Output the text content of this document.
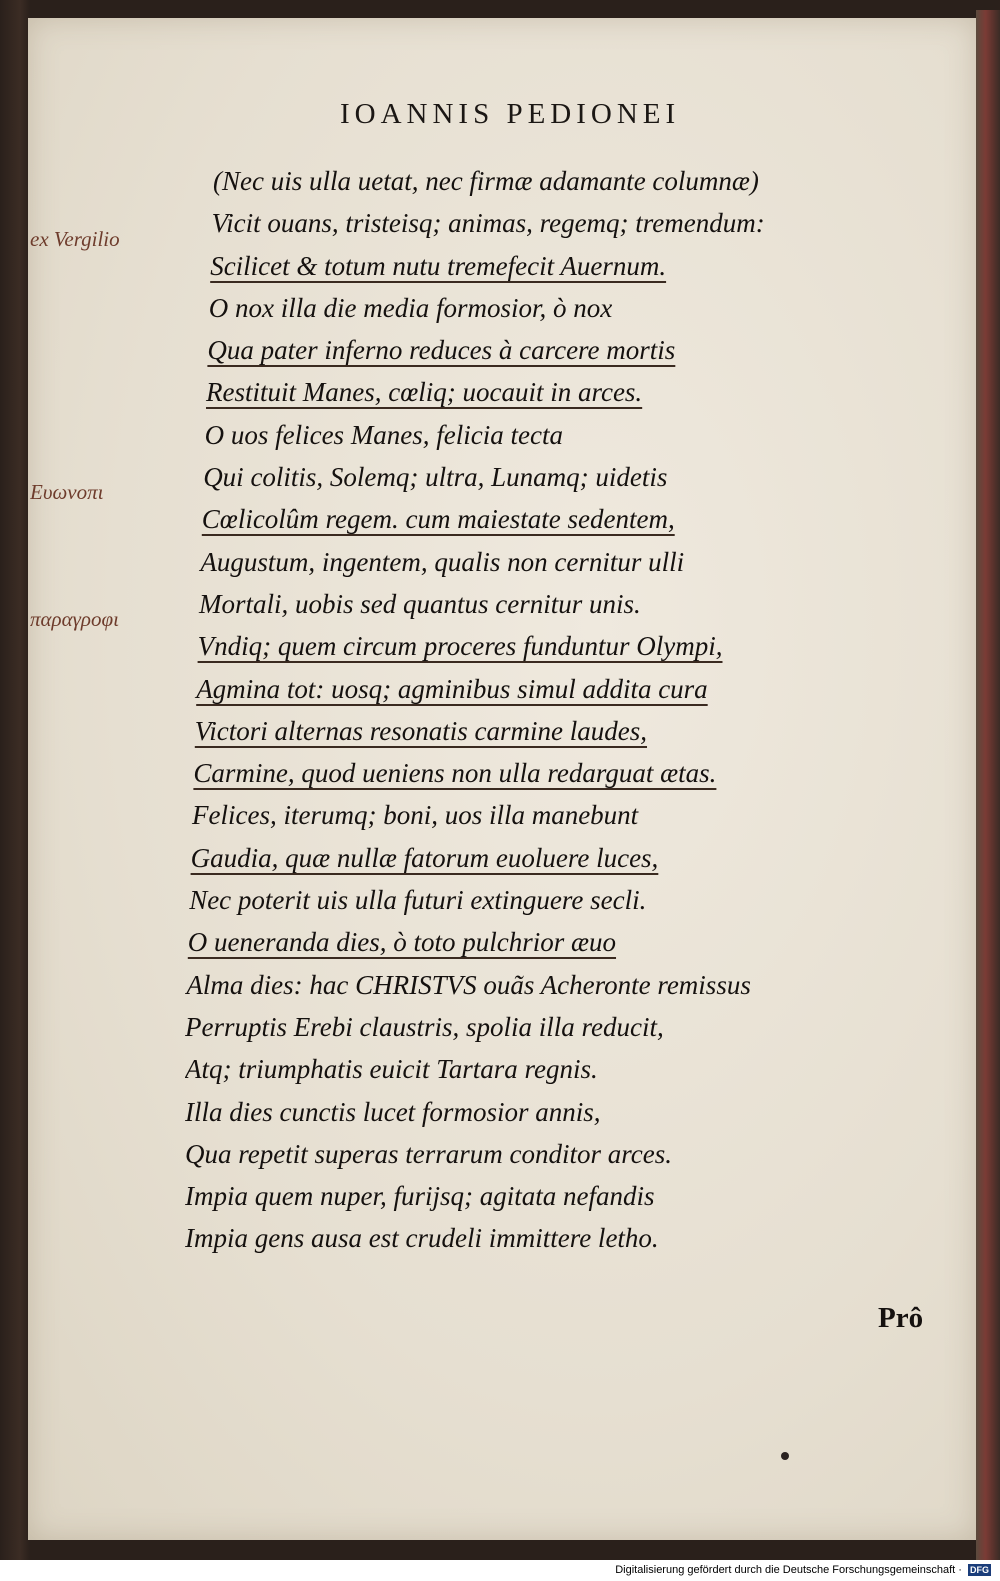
IOANNIS PEDIONEI
(Nec uis ulla uetat, nec firmæ adamante columnæ)
Vicit ouans, tristeisq; animas, regemq; tremendum:
Scilicet & totum nutu tremefecit Auernum.
O nox illa die media formosior, ò nox
Qua pater inferno reduces à carcere mortis
Restituit Manes, cœliq; uocauit in arces.
O uos felices Manes, felicia tecta
Qui colitis, Solemq; ultra, Lunamq; uidetis
Cœlicolûm regem. cum maiestate sedentem,
Augustum, ingentem, qualis non cernitur ulli
Mortali, uobis sed quantus cernitur unis.
Vndiq; quem circum proceres funduntur Olympi,
Agmina tot: uosq; agminibus simul addita cura
Victori alternas resonatis carmine laudes,
Carmine, quod ueniens non ulla redarguat ætas.
Felices, iterumq; boni, uos illa manebunt
Gaudia, quæ nullæ fatorum euoluere luces,
Nec poterit uis ulla futuri extinguere secli.
O ueneranda dies, ò toto pulchrior æuo
Alma dies: hac CHRISTVS ouãs Acheronte remissus
Perruptis Erebi claustris, spolia illa reducit,
Atq; triumphatis euicit Tartara regnis.
Illa dies cunctis lucet formosior annis,
Qua repetit superas terrarum conditor arces.
Impia quem nuper, furijsq; agitata nefandis
Impia gens ausa est crudeli immittere letho.
ex Vergilio
Ευωνοπι
παραγροφι
Prô
Digitalisierung gefördert durch die Deutsche Forschungsgemeinschaft · DFG
